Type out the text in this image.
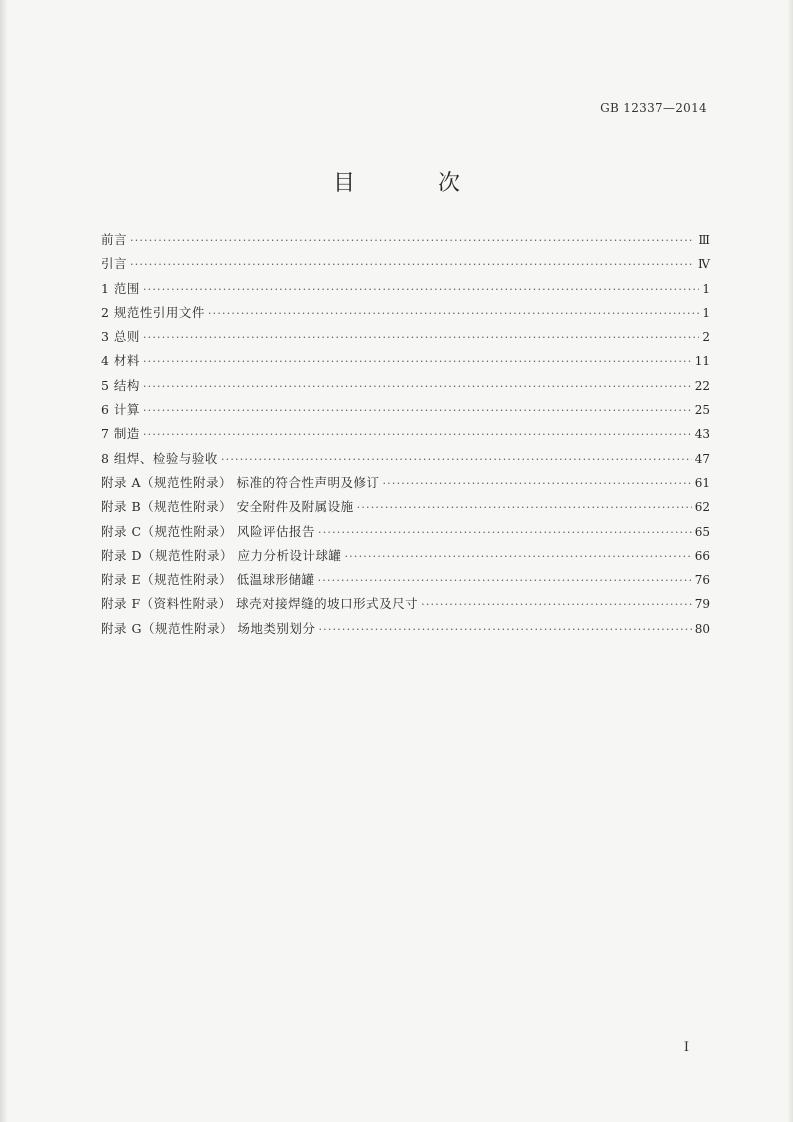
GB 12337—2014
目 次
前言 ·····	Ⅲ
引言 ·····	Ⅳ
1 范围 ·····	1
2 规范性引用文件 ·····	1
3 总则 ·····	2
4 材料 ·····	11
5 结构 ·····	22
6 计算 ·····	25
7 制造 ·····	43
8 组焊、检验与验收 ·····	47
附录 A（规范性附录） 标准的符合性声明及修订 ·····	61
附录 B（规范性附录） 安全附件及附属设施 ·····	62
附录 C（规范性附录） 风险评估报告 ·····	65
附录 D（规范性附录） 应力分析设计球罐 ·····	66
附录 E（规范性附录） 低温球形储罐 ·····	76
附录 F（资料性附录） 球壳对接焊缝的坡口形式及尺寸 ·····	79
附录 G（规范性附录） 场地类别划分 ·····	80
I
